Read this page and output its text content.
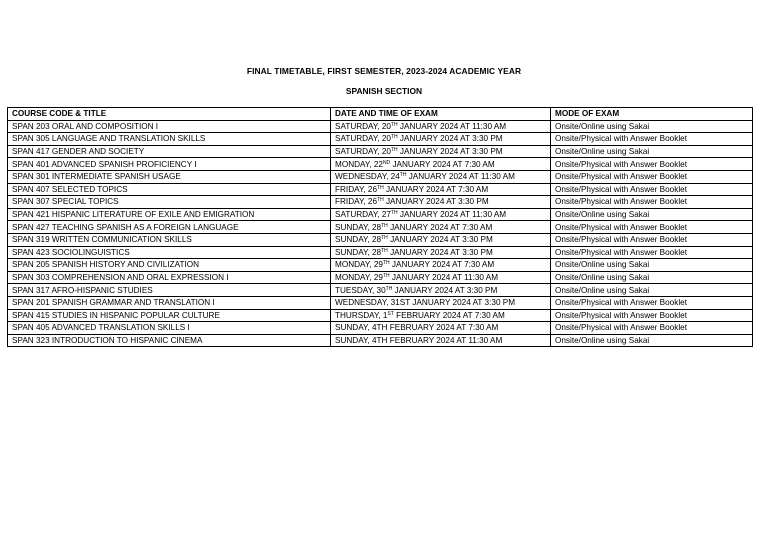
FINAL TIMETABLE, FIRST SEMESTER, 2023-2024 ACADEMIC YEAR
SPANISH SECTION
COURSE CODE & TITLE	DATE AND TIME OF EXAM	MODE OF EXAM
SPAN 203 ORAL AND COMPOSITION I	SATURDAY, 20TH JANUARY 2024 AT 11:30 AM	Onsite/Online using Sakai
SPAN 305 LANGUAGE AND TRANSLATION SKILLS	SATURDAY, 20TH JANUARY 2024 AT 3:30 PM	Onsite/Physical with Answer Booklet
SPAN 417 GENDER AND SOCIETY	SATURDAY, 20TH JANUARY 2024 AT 3:30 PM	Onsite/Online using Sakai
SPAN 401 ADVANCED SPANISH PROFICIENCY I	MONDAY, 22ND JANUARY 2024 AT 7:30 AM	Onsite/Physical with Answer Booklet
SPAN 301 INTERMEDIATE SPANISH USAGE	WEDNESDAY, 24TH JANUARY 2024 AT 11:30 AM	Onsite/Physical with Answer Booklet
SPAN 407 SELECTED TOPICS	FRIDAY, 26TH JANUARY 2024 AT 7:30 AM	Onsite/Physical with Answer Booklet
SPAN 307 SPECIAL TOPICS	FRIDAY, 26TH JANUARY 2024 AT 3:30 PM	Onsite/Physical with Answer Booklet
SPAN 421 HISPANIC LITERATURE OF EXILE AND EMIGRATION	SATURDAY, 27TH JANUARY 2024 AT 11:30 AM	Onsite/Online using Sakai
SPAN 427 TEACHING SPANISH AS A FOREIGN LANGUAGE	SUNDAY, 28TH JANUARY 2024 AT 7:30 AM	Onsite/Physical with Answer Booklet
SPAN 319 WRITTEN COMMUNICATION SKILLS	SUNDAY, 28TH JANUARY 2024 AT 3:30 PM	Onsite/Physical with Answer Booklet
SPAN 423 SOCIOLINGUISTICS	SUNDAY, 28TH JANUARY 2024 AT 3:30 PM	Onsite/Physical with Answer Booklet
SPAN 205 SPANISH HISTORY AND CIVILIZATION	MONDAY, 29TH JANUARY 2024 AT 7:30 AM	Onsite/Online using Sakai
SPAN 303 COMPREHENSION AND ORAL EXPRESSION I	MONDAY, 29TH JANUARY 2024 AT 11:30 AM	Onsite/Online using Sakai
SPAN 317 AFRO-HISPANIC STUDIES	TUESDAY, 30TH JANUARY 2024 AT 3:30 PM	Onsite/Online using Sakai
SPAN 201 SPANISH GRAMMAR AND TRANSLATION I	WEDNESDAY, 31ST JANUARY 2024 AT 3:30 PM	Onsite/Physical with Answer Booklet
SPAN 415 STUDIES IN HISPANIC POPULAR CULTURE	THURSDAY, 1ST FEBRUARY 2024 AT 7:30 AM	Onsite/Physical with Answer Booklet
SPAN 405 ADVANCED TRANSLATION SKILLS I	SUNDAY, 4TH FEBRUARY 2024 AT 7:30 AM	Onsite/Physical with Answer Booklet
SPAN 323 INTRODUCTION TO HISPANIC CINEMA	SUNDAY, 4TH FEBRUARY 2024 AT 11:30 AM	Onsite/Online using Sakai
